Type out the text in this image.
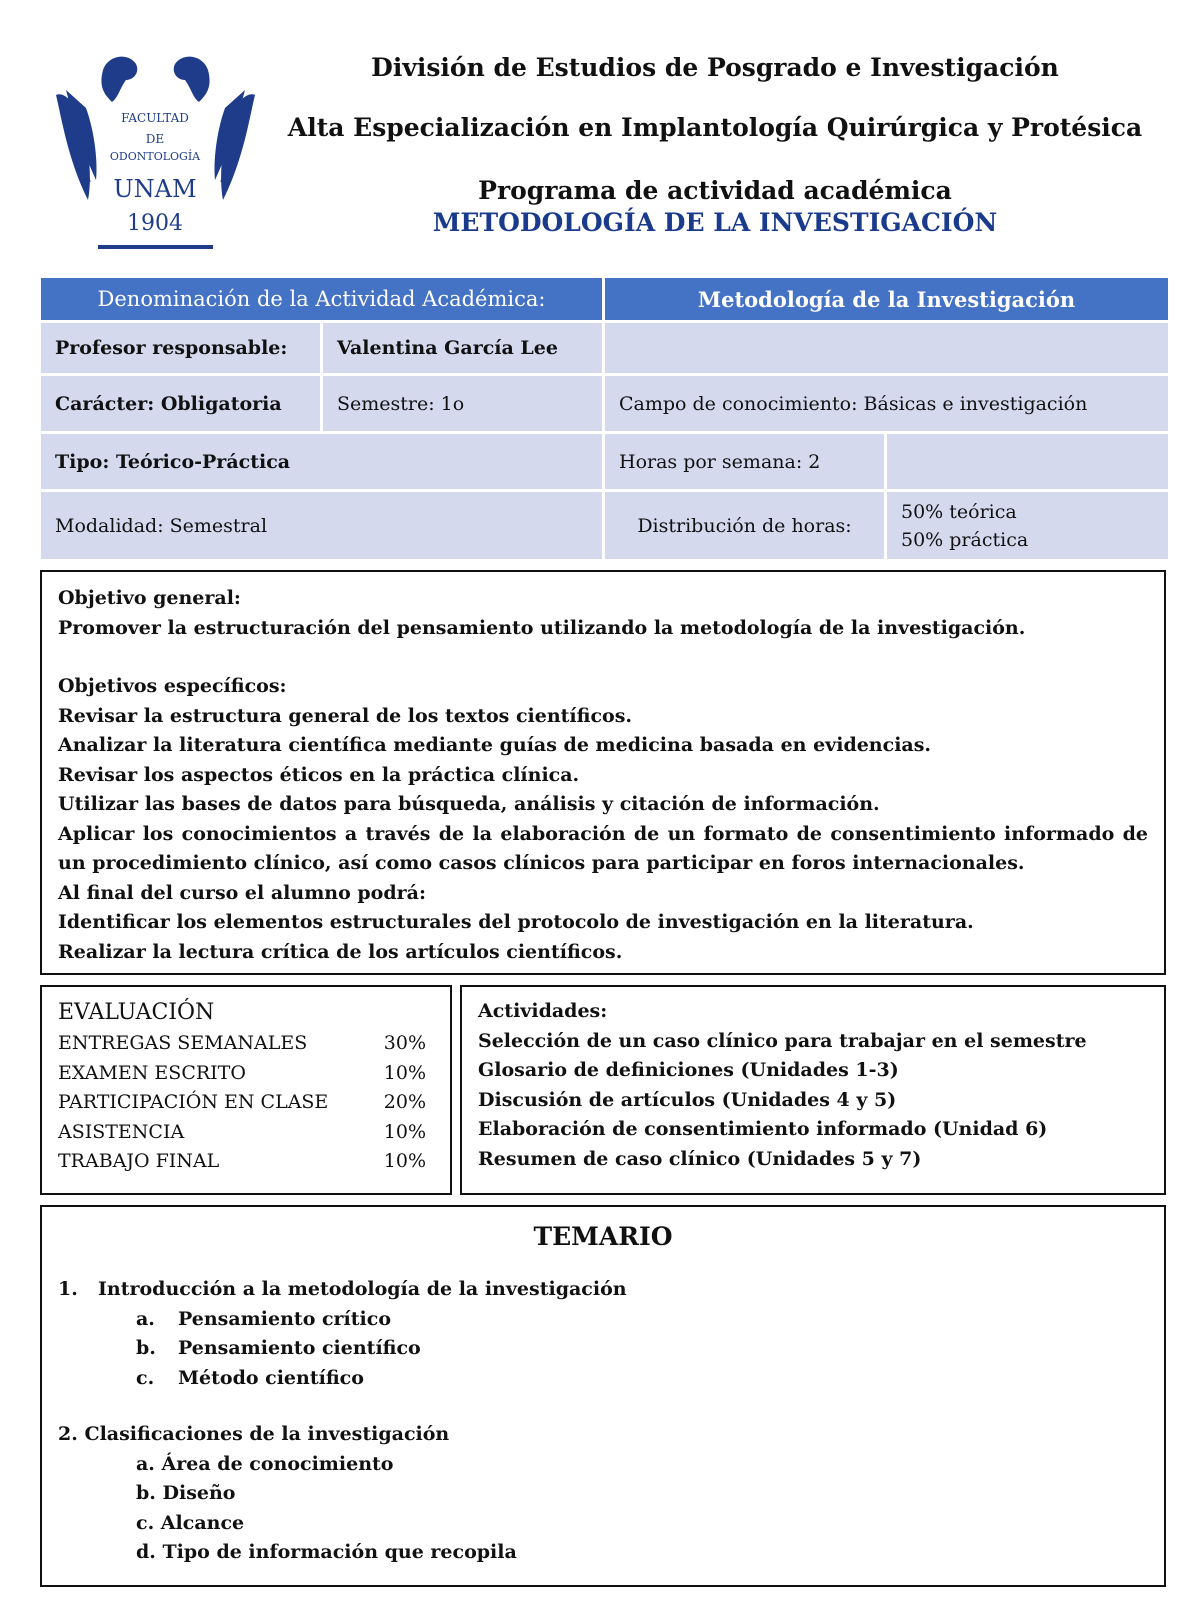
FACULTAD
DE
ODONTOLOGÍA
UNAM
1904
División de Estudios de Posgrado e Investigación
Alta Especialización en Implantología Quirúrgica y Protésica
Programa de actividad académica
METODOLOGÍA DE LA INVESTIGACIÓN
Denominación de la Actividad Académica:		Metodología de la Investigación	
Profesor responsable:	Valentina García Lee		
Carácter: Obligatoria	Semestre: 1o	Campo de conocimiento: Básicas e investigación	
Tipo: Teórico-Práctica		Horas por semana: 2	
Modalidad: Semestral		Distribución de horas:	50% teórica
50% práctica

Objetivo general:

Promover la estructuración del pensamiento utilizando la metodología de la investigación.

Objetivos específicos:

Revisar la estructura general de los textos científicos.

Analizar la literatura científica mediante guías de medicina basada en evidencias.

Revisar los aspectos éticos en la práctica clínica.

Utilizar las bases de datos para búsqueda, análisis y citación de información.

Aplicar los conocimientos a través de la elaboración de un formato de consentimiento informado de un procedimiento clínico, así como casos clínicos para participar en foros internacionales.

Al final del curso el alumno podrá:

Identificar los elementos estructurales del protocolo de investigación en la literatura.

Realizar la lectura crítica de los artículos científicos.

EVALUACIÓN
ENTREGAS SEMANALES	30%
EXAMEN ESCRITO	10%
PARTICIPACIÓN EN CLASE	20%
ASISTENCIA	10%
TRABAJO FINAL	10%
Actividades:
Selección de un caso clínico para trabajar en el semestre
Glosario de definiciones (Unidades 1-3)
Discusión de artículos (Unidades 4 y 5)
Elaboración de consentimiento informado (Unidad 6)
Resumen de caso clínico (Unidades 5 y 7)
TEMARIO
1. Introducción a la metodología de la investigación
a. Pensamiento crítico
b. Pensamiento científico
c. Método científico
2. Clasificaciones de la investigación
a. Área de conocimiento
b. Diseño
c. Alcance
d. Tipo de información que recopila
